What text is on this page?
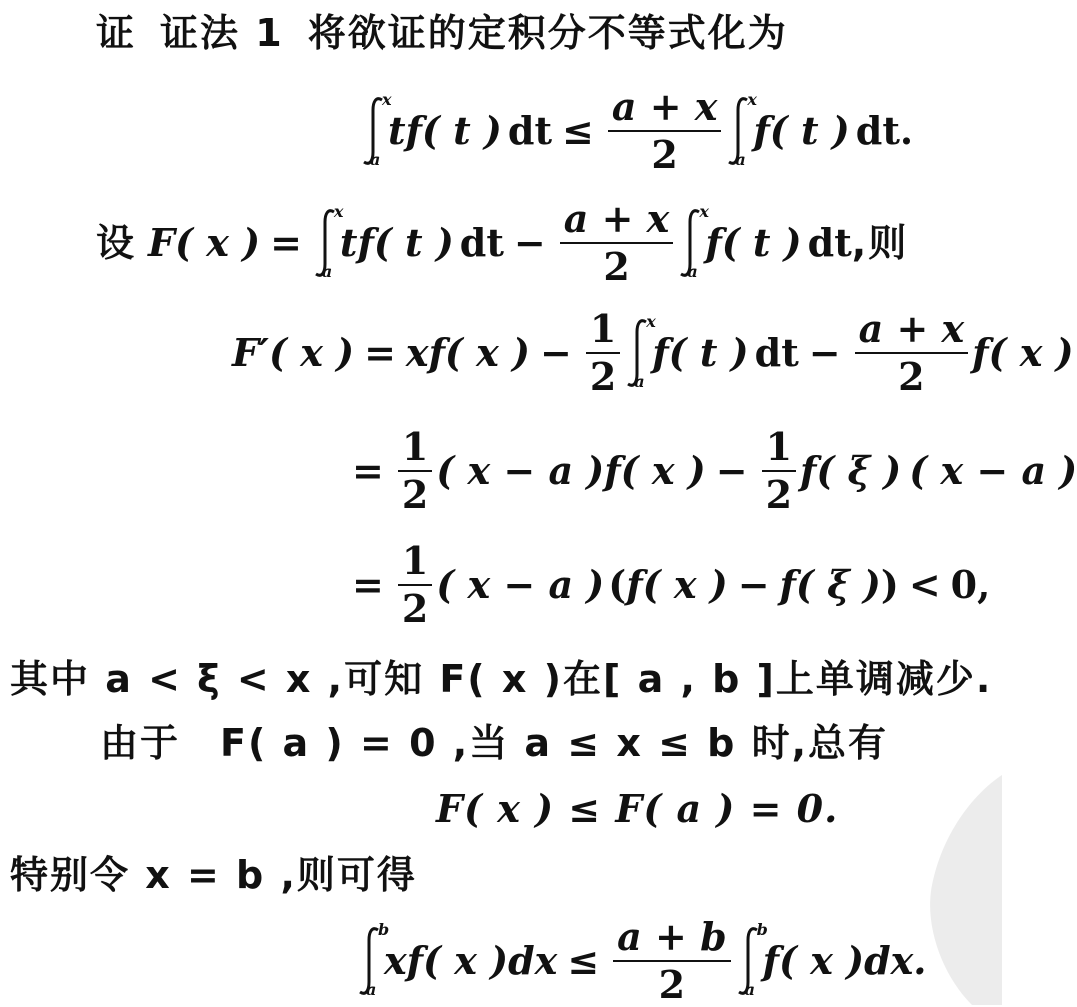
证 证法 1 将欲证的定积分不等式化为
x
a
tf( t ) dt ≤ $\frac{a + x}{2}$ x
a
f( t ) dt.
设 F( x ) =
x
a
tf( t ) dt − $\frac{a + x}{2}$ x
a
f( t ) dt ,则
F′( x ) = xf( x ) − $\frac{1}{2}$ x
a
f( t ) dt − $\frac{a + x}{2} f$( x )
= $\frac{1}{2}$ ( x − a ) f( x ) − $\frac{1}{2} f$( ξ ) ( x − a )
= $\frac{1}{2}$ ( x − a ) ( f( x ) − f( ξ ) ) < 0,
其中 a < ξ < x ,可知 F( x )在[ a , b ]上单调减少.
由于　F( a ) = 0 ,当 a ≤ x ≤ b 时,总有
F( x ) ≤ F( a ) = 0.
特别令 x = b ,则可得
b
a
xf( x )$dx \le \frac{a + b}{2}$ b
a
f( x )dx.
